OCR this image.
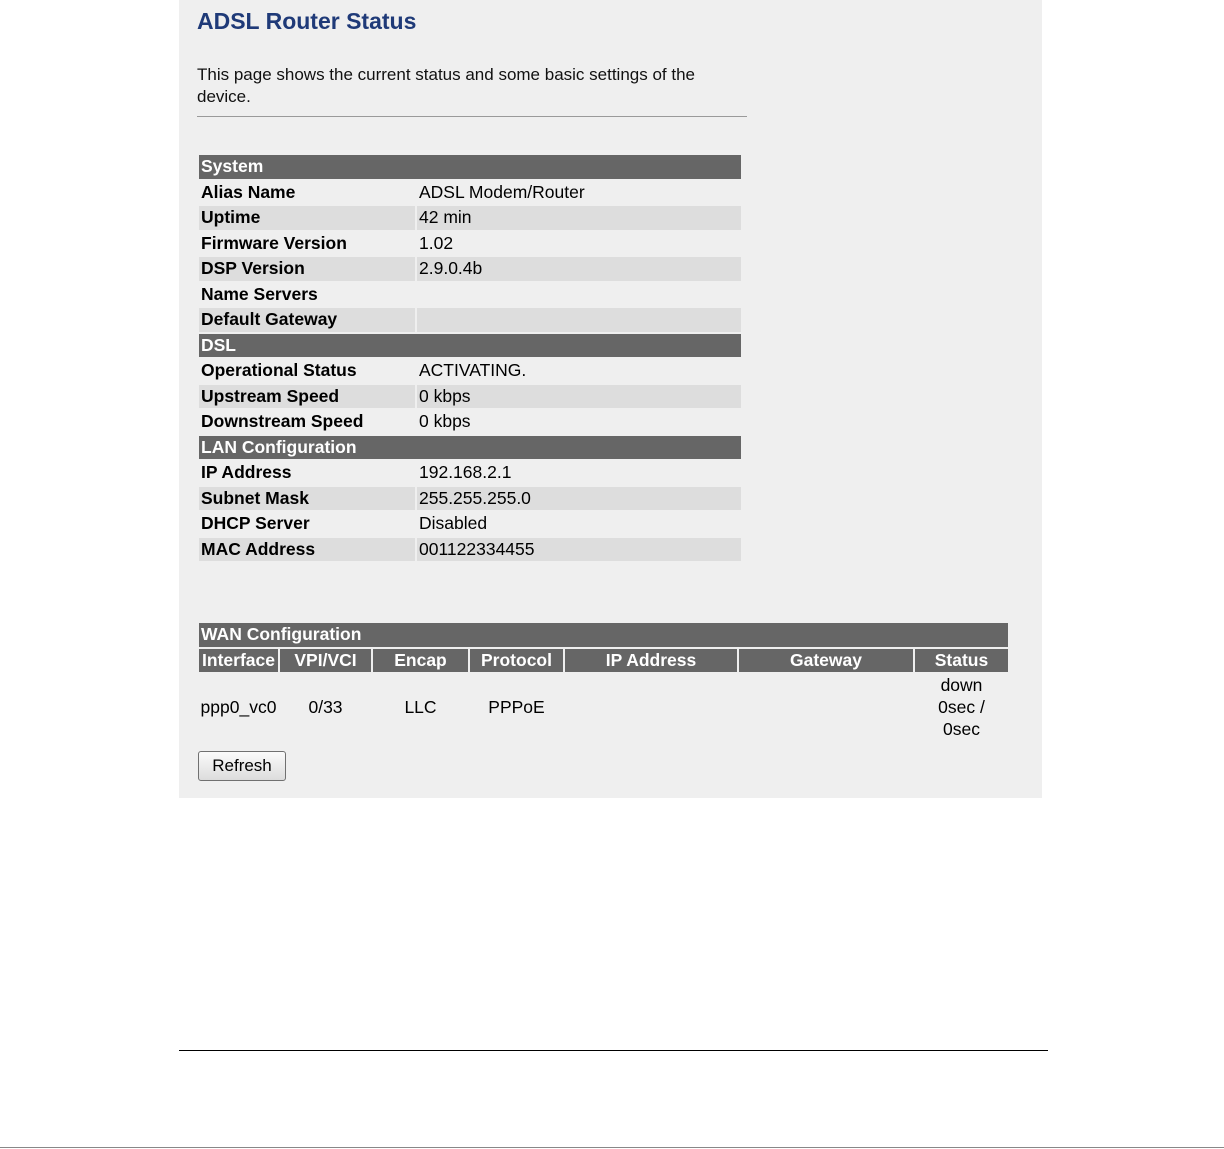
ADSL Router Status
This page shows the current status and some basic settings of the device.
System	
Alias Name	ADSL Modem/Router
Uptime	42 min
Firmware Version	1.02
DSP Version	2.9.0.4b
Name Servers	
Default Gateway	
DSL	
Operational Status	ACTIVATING.
Upstream Speed	0 kbps
Downstream Speed	0 kbps
LAN Configuration	
IP Address	192.168.2.1
Subnet Mask	255.255.255.0
DHCP Server	Disabled
MAC Address	001122334455
WAN Configuration						
Interface	VPI/VCI	Encap	Protocol	IP Address	Gateway	Status
ppp0_vc0	0/33	LLC	PPPoE			down
0sec /
0sec
Refresh
